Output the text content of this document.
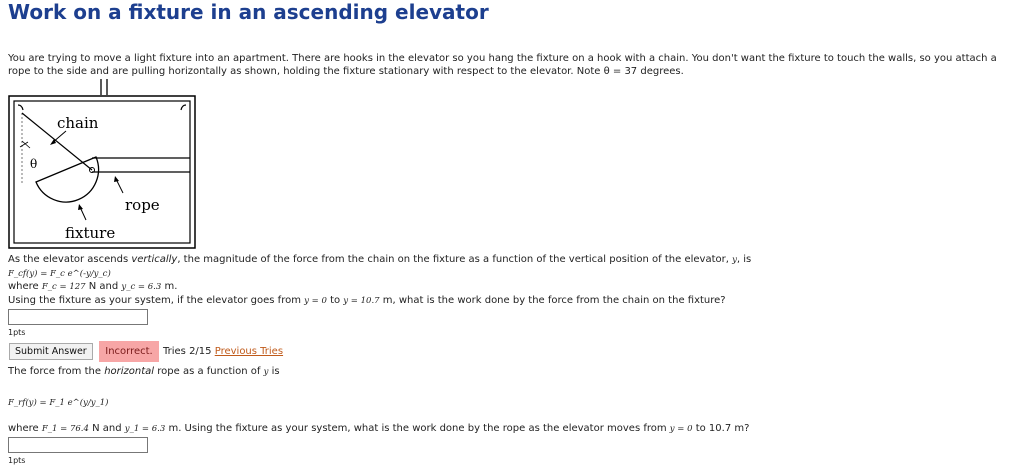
Work on a fixture in an ascending elevator
You are trying to move a light fixture into an apartment. There are hooks in the elevator so you hang the fixture on a hook with a chain. You don't want the fixture to touch the walls, so you attach a rope to the side and are pulling horizontally as shown, holding the fixture stationary with respect to the elevator. Note θ = 37 degrees.
chain
θ
rope
fixture
As the elevator ascends vertically, the magnitude of the force from the chain on the fixture as a function of the vertical position of the elevator, y, is
F_cf(y) = F_c e^(-y/y_c)
where F_c = 127 N and y_c = 6.3 m.
Using the fixture as your system, if the elevator goes from y = 0 to y = 10.7 m, what is the work done by the force from the chain on the fixture?
1pts
Submit Answer	Incorrect.	Tries 2/15 Previous Tries
The force from the horizontal rope as a function of y is
F_rf(y) = F_1 e^(y/y_1)
where F_1 = 76.4 N and y_1 = 6.3 m. Using the fixture as your system, what is the work done by the rope as the elevator moves from y = 0 to 10.7 m?
1pts
